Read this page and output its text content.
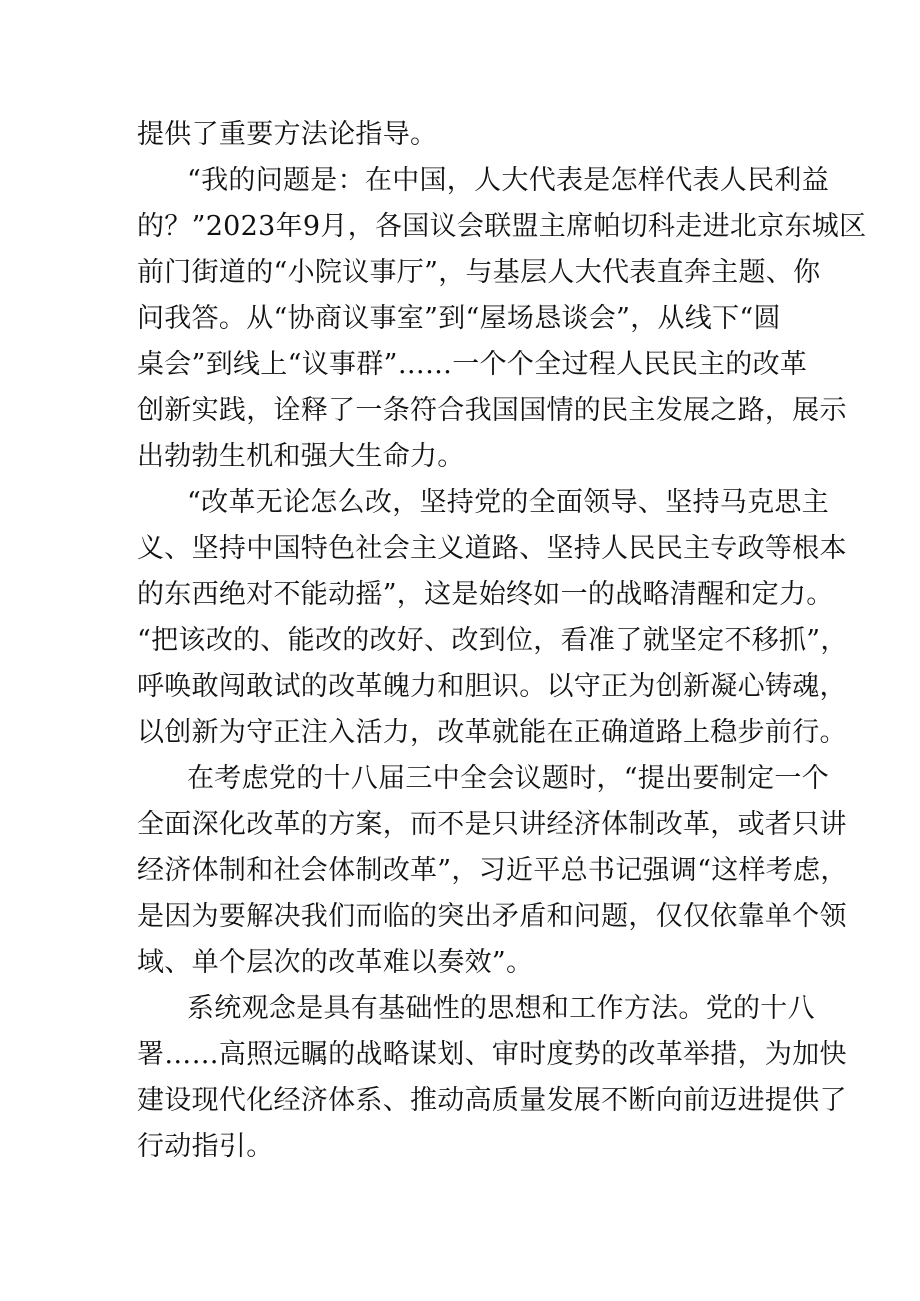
提供了重要方法论指导。
“我的问题是：在中国，人大代表是怎样代表人民利益
的？”2023年9月，各国议会联盟主席帕切科走进北京东城区
前门街道的“小院议事厅”，与基层人大代表直奔主题、你
问我答。从“协商议事室”到“屋场恳谈会”，从线下“圆
桌会”到线上“议事群”……一个个全过程人民民主的改革
创新实践，诠释了一条符合我国国情的民主发展之路，展示
出勃勃生机和强大生命力。
“改革无论怎么改，坚持党的全面领导、坚持马克思主
义、坚持中国特色社会主义道路、坚持人民民主专政等根本
的东西绝对不能动摇”，这是始终如一的战略清醒和定力。
“把该改的、能改的改好、改到位，看准了就坚定不移抓”，
呼唤敢闯敢试的改革魄力和胆识。以守正为创新凝心铸魂，
以创新为守正注入活力，改革就能在正确道路上稳步前行。
在考虑党的十八届三中全会议题时，“提出要制定一个
全面深化改革的方案，而不是只讲经济体制改革，或者只讲
经济体制和社会体制改革”，习近平总书记强调“这样考虑，
是因为要解决我们而临的突出矛盾和问题，仅仅依靠单个领
域、单个层次的改革难以奏效”。
系统观念是具有基础性的思想和工作方法。党的十八
署……高照远瞩的战略谋划、审时度势的改革举措，为加快
建设现代化经济体系、推动高质量发展不断向前迈进提供了
行动指引。
